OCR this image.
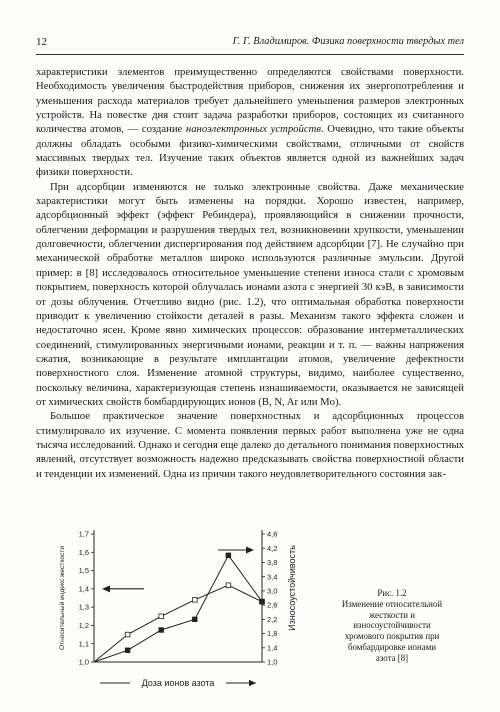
12	Г. Г. Владимиров. Физика поверхности твердых тел

характеристики элементов преимущественно определяются свойствами поверхности. Необходимость увеличения быстродействия приборов, снижения их энергопотребления и уменьшения расхода материалов требует дальнейшего уменьшения размеров электронных устройств. На повестке дня стоит задача разработки приборов, состоящих из считанного количества атомов, — создание наноэлектронных устройств. Очевидно, что такие объекты должны обладать особыми физико-химическими свойствами, отличными от свойств массивных твердых тел. Изучение таких объектов является одной из важнейших задач физики поверхности.

При адсорбции изменяются не только электронные свойства. Даже механические характеристики могут быть изменены на порядки. Хорошо известен, например, адсорбционный эффект (эффект Ребиндера), проявляющийся в снижении прочности, облегчении деформации и разрушения твердых тел, возникновении хрупкости, уменьшении долговечности, облегчении диспергирования под действием адсорбции [7]. Не случайно при механической обработке металлов широко используются различные эмульсии. Другой пример: в [8] исследовалось относительное уменьшение степени износа стали с хромовым покрытием, поверхность которой облучалась ионами азота с энергией 30 кэВ, в зависимости от дозы облучения. Отчетливо видно (рис. 1.2), что оптимальная обработка поверхности приводит к увеличению стойкости деталей в разы. Механизм такого эффекта сложен и недостаточно ясен. Кроме явно химических процессов: образование интерметаллических соединений, стимулированных энергичными ионами, реакции и т. п. — важны напряжения сжатия, возникающие в результате имплантации атомов, увеличение дефектности поверхностного слоя. Изменение атомной структуры, видимо, наиболее существенно, поскольку величина, характеризующая степень изнашиваемости, оказывается не зависящей от химических свойств бомбардирующих ионов (B, N, Ar или Mo).

Большое практическое значение поверхностных и адсорбционных процессов стимулировало их изучение. С момента появления первых работ выполнена уже не одна тысяча исследований. Однако и сегодня еще далеко до детального понимания поверхностных явлений, отсутствует возможность надежно предсказывать свойства поверхностной области и тенденции их изменений. Одна из причин такого неудовлетворительного состояния зак-

1,0
1,1
1,2
1,3
1,4
1,5
1,6
1,7
1,0
1,4
1,8
2,2
2,6
3,0
3,4
3,8
4,2
4,6
Относительный индекс жесткости	Износоустойчивость
Доза ионов азота
Рис. 1.2
Изменение относительной
жесткости и
износоустойчивости
хромового покрытия при
бомбардировке ионами
азота [8]
